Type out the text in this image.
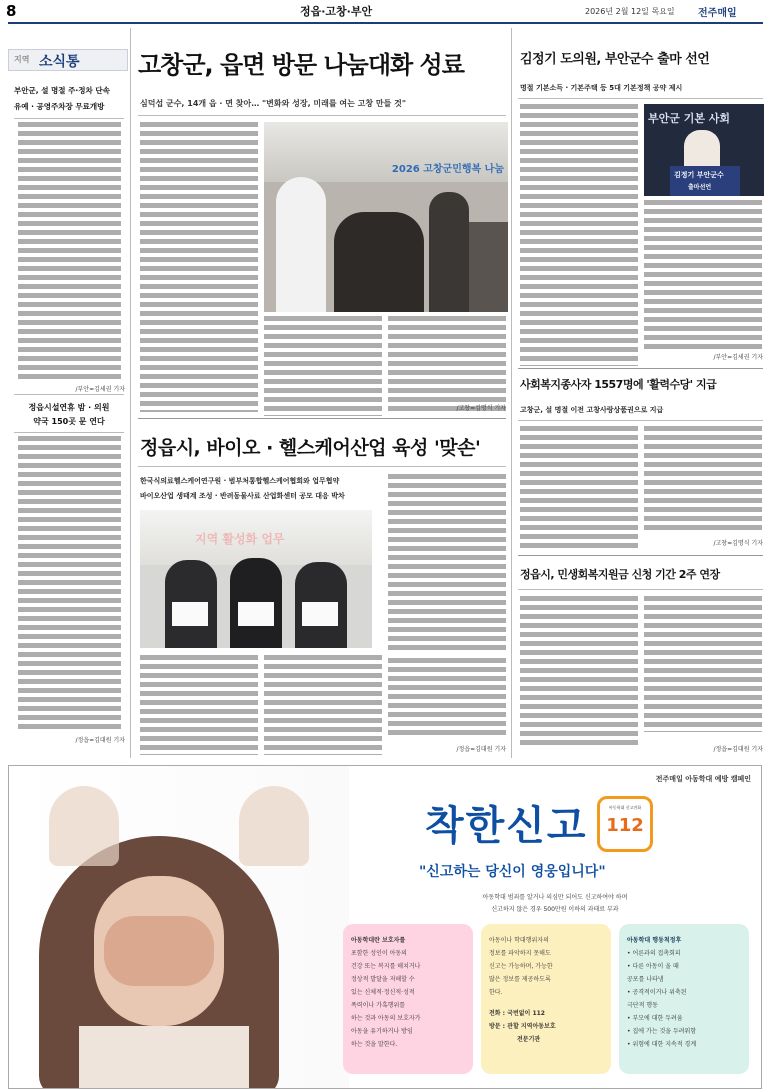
8	정읍·고창·부안	2026년 2월 12일 목요일 전주매일
지역 소식통
부안군, 설 명절 주·정차 단속
유예 · 공영주차장 무료개방
/부안=김세권 기자
정읍시설연휴 밤 · 의원
약국 150곳 문 연다
/정읍=김대원 기자
고창군, 읍면 방문 나눔대화 성료
심덕섭 군수, 14개 읍 · 면 찾아… "변화와 성장, 미래를 여는 고창 만들 것"
2026 고창군민행복 나눔
/고창=김명식 기자
정읍시, 바이오 · 헬스케어산업 육성 '맞손'
한국식의료헬스케어연구원 · 범부처통합헬스케어협회와 업무협약
바이오산업 생태계 조성 · 반려동물사료 산업화센터 공모 대응 박차
지역 활성화 업무
/정읍=김대원 기자
김정기 도의원, 부안군수 출마 선언
명절 기본소득 · 기본주택 등 5대 기본정책 공약 제시
부안군 기본 사회
김정기 부안군수
출마선언
/부안=김세권 기자
사회복지종사자 1557명에 '활력수당' 지급
고창군, 설 명절 이전 고창사랑상품권으로 지급
/고창=김명식 기자
정읍시, 민생회복지원금 신청 기간 2주 연장
/정읍=김대원 기자
전주매일 아동학대 예방 캠페인
착한신고	아동학대 신고전화
112
"신고하는 당신이 영웅입니다"
아동학대 범죄를 알거나 의심만 되어도 신고하여야 하며
신고하지 않은 경우 500만원 이하의 과태료 부과
아동학대란 보호자를
포함한 성인이 아동의
건강 또는 복지를 해치거나
정상적 발달을 저해할 수
있는 신체적·정신적·성적
폭력이나 가혹행위를
하는 것과 아동의 보호자가
아동을 유기하거나 방임
하는 것을 말한다.
아동이나 학대행위자의
정보를 파악하지 못해도
신고는 가능하며, 가능한
많은 정보를 제공하도록
한다.
전화 : 국번없이 112
방문 : 관할 지역아동보호
전문기관
아동학대 행동척정후
• 어른과의 접촉회피
• 다른 아동이 울 때
공포를 나타냄
• 공격적이거나 위축된
극단적 행동
• 부모에 대한 두려움
• 집에 가는 것을 두려워함
• 위험에 대한 지속적 경계
